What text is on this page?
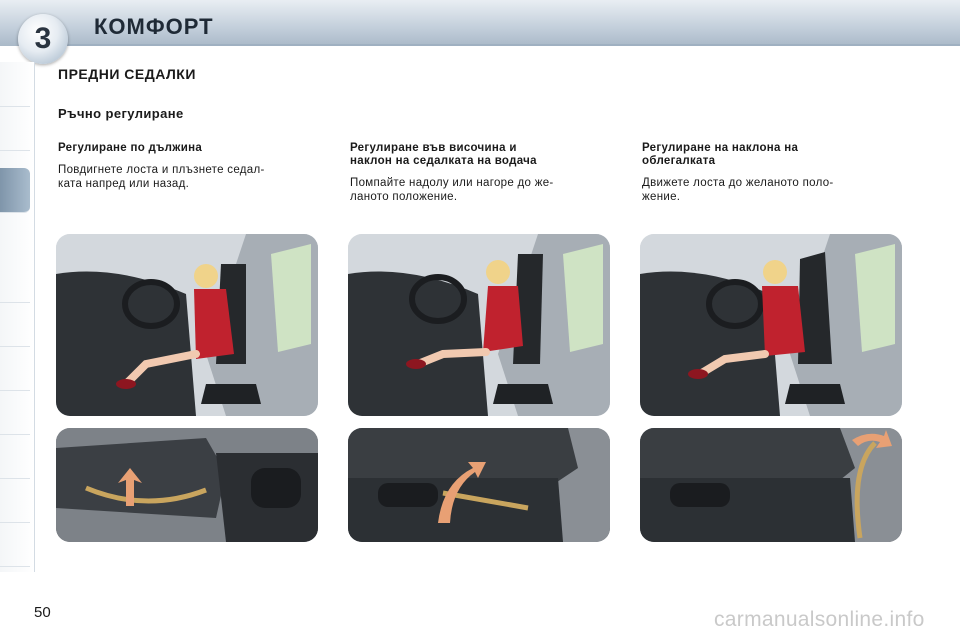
3	КОМФОРТ
ПРЕДНИ СЕДАЛКИ
Ръчно регулиране
Регулиране по дължина

Повдигнете лоста и плъзнете седал-
ката напред или назад.

Регулиране във височина и
наклон на седалката на водача

Помпайте надолу или нагоре до же-
ланото положение.

Регулиране на наклона на
облегалката

Движете лоста до желаното поло-
жение.

50	carmanualsonline.info
